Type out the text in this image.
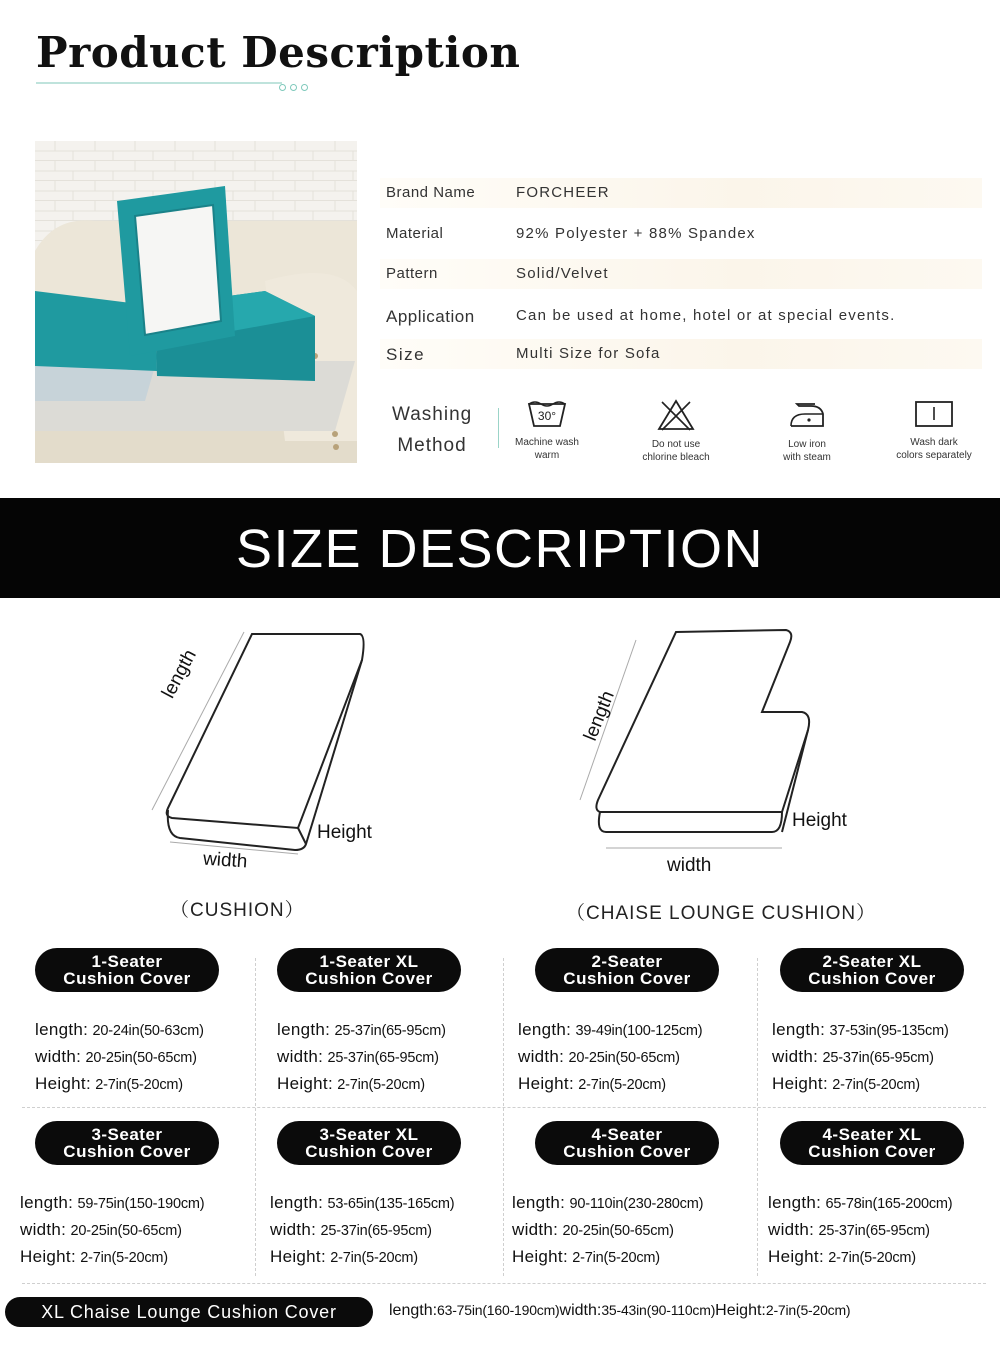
Product Description
Brand Name	FORCHEER
Material	92% Polyester + 88% Spandex
Pattern	Solid/Velvet
Application	Can be used at home, hotel or at special events.
Size	Multi Size for Sofa
Washing
Method
30°
Machine wash
warm
Do not use
chlorine bleach
Low iron
with steam
Wash dark
colors separately
SIZE DESCRIPTION
length
width
Height
（CUSHION）
length
width
Height
（CHAISE LOUNGE CUSHION）
1-Seater
Cushion Cover
length: 20-24in(50-63cm)
width: 20-25in(50-65cm)
Height: 2-7in(5-20cm)
1-Seater XL
Cushion Cover
length: 25-37in(65-95cm)
width: 25-37in(65-95cm)
Height: 2-7in(5-20cm)
2-Seater
Cushion Cover
length: 39-49in(100-125cm)
width: 20-25in(50-65cm)
Height: 2-7in(5-20cm)
2-Seater XL
Cushion Cover
length: 37-53in(95-135cm)
width: 25-37in(65-95cm)
Height: 2-7in(5-20cm)
3-Seater
Cushion Cover
length: 59-75in(150-190cm)
width: 20-25in(50-65cm)
Height: 2-7in(5-20cm)
3-Seater XL
Cushion Cover
length: 53-65in(135-165cm)
width: 25-37in(65-95cm)
Height: 2-7in(5-20cm)
4-Seater
Cushion Cover
length: 90-110in(230-280cm)
width: 20-25in(50-65cm)
Height: 2-7in(5-20cm)
4-Seater XL
Cushion Cover
length: 65-78in(165-200cm)
width: 25-37in(65-95cm)
Height: 2-7in(5-20cm)
XL Chaise Lounge Cushion Cover	length:63-75in(160-190cm)width:35-43in(90-110cm)Height:2-7in(5-20cm)
